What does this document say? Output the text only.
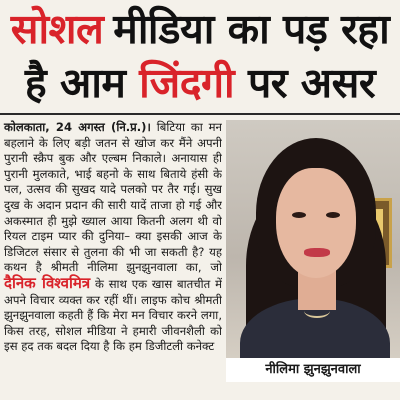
सोशल मीडिया का पड़ रहा
है आम जिंदगी पर असर
कोलकाता, 24 अगस्त (नि.प्र.)। बिटिया का मन बहलाने के लिए बड़ी जतन से खोज कर मैंने अपनी पुरानी स्क्रैप बुक और एल्बम निकाले। अनायास ही पुरानी मुलकाते, भाई बहनो के साथ बिताये हंसी के पल, उत्सव की सुखद यादे पलको पर तैर गई। सुख दुख के अदान प्रदान की सारी यादें ताजा हो गई और अकस्मात ही मुझे ख्याल आया कितनी अलग थी वो रियल टाइम प्यार की दुनिया– क्या इसकी आज के डिजिटल संसार से तुलना की भी जा सकती है? यह कथन है श्रीमती नीलिमा झुनझुनवाला का, जो दैनिक विश्वमित्र के साथ एक खास बातचीत में अपने विचार व्यक्त कर रहीं थीं। लाइफ कोच श्रीमती झुनझुनवाला कहती हैं कि मेरा मन विचार करने लगा, किस तरह, सोशल मीडिया ने हमारी जीवनशैली को इस हद तक बदल दिया है कि हम डिजीटली कनेक्ट
नीलिमा झुनझुनवाला
